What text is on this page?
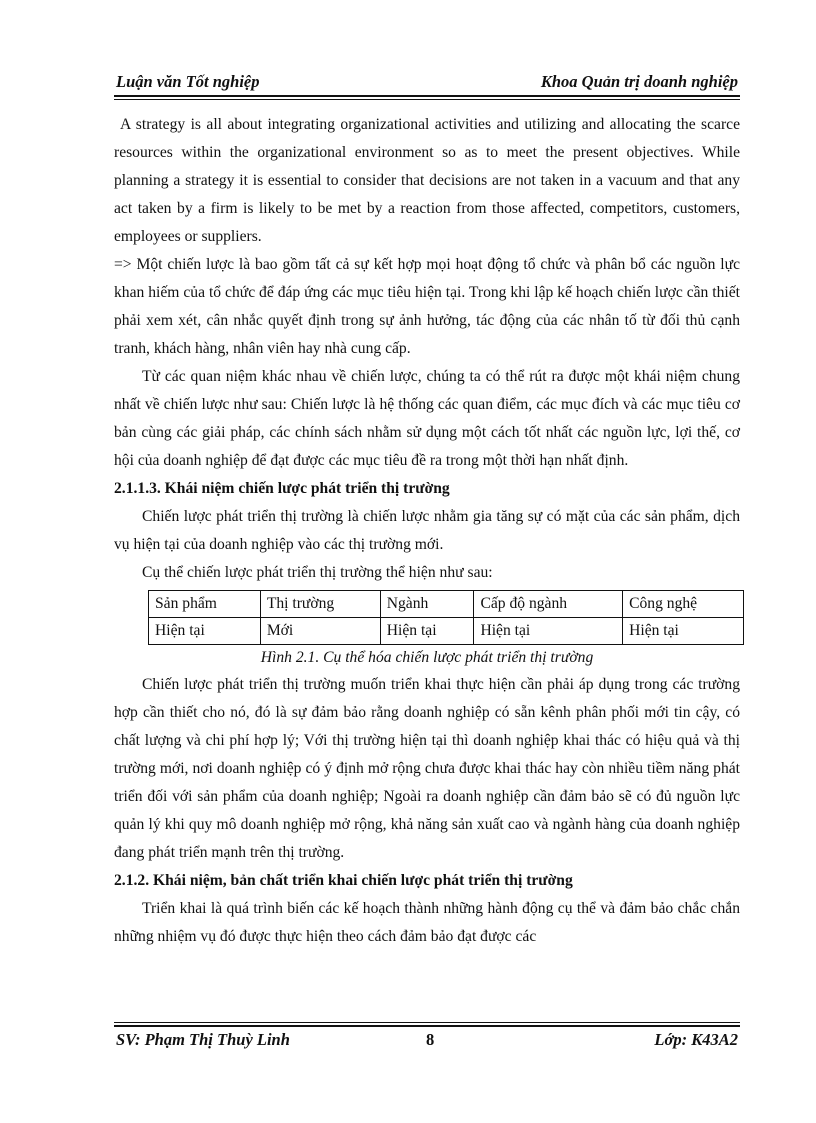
Luận văn Tốt nghiệp	Khoa Quản trị doanh nghiệp

A strategy is all about integrating organizational activities and utilizing and allocating the scarce resources within the organizational environment so as to meet the present objectives. While planning a strategy it is essential to consider that decisions are not taken in a vacuum and that any act taken by a firm is likely to be met by a reaction from those affected, competitors, customers, employees or suppliers.

=> Một chiến lược là bao gồm tất cả sự kết hợp mọi hoạt động tổ chức và phân bổ các nguồn lực khan hiếm của tổ chức để đáp ứng các mục tiêu hiện tại. Trong khi lập kế hoạch chiến lược cần thiết phải xem xét, cân nhắc quyết định trong sự ảnh hưởng, tác động của các nhân tố từ đối thủ cạnh tranh, khách hàng, nhân viên hay nhà cung cấp.

Từ các quan niệm khác nhau về chiến lược, chúng ta có thể rút ra được một khái niệm chung nhất về chiến lược như sau: Chiến lược là hệ thống các quan điểm, các mục đích và các mục tiêu cơ bản cùng các giải pháp, các chính sách nhằm sử dụng một cách tốt nhất các nguồn lực, lợi thế, cơ hội của doanh nghiệp để đạt được các mục tiêu đề ra trong một thời hạn nhất định.

2.1.1.3. Khái niệm chiến lược phát triển thị trường

Chiến lược phát triển thị trường là chiến lược nhằm gia tăng sự có mặt của các sản phẩm, dịch vụ hiện tại của doanh nghiệp vào các thị trường mới.

Cụ thể chiến lược phát triển thị trường thể hiện như sau:

Sản phẩm	Thị trường	Ngành	Cấp độ ngành	Công nghệ
Hiện tại	Mới	Hiện tại	Hiện tại	Hiện tại

Hình 2.1. Cụ thể hóa chiến lược phát triển thị trường

Chiến lược phát triển thị trường muốn triển khai thực hiện cần phải áp dụng trong các trường hợp cần thiết cho nó, đó là sự đảm bảo rằng doanh nghiệp có sẵn kênh phân phối mới tin cậy, có chất lượng và chi phí hợp lý; Với thị trường hiện tại thì doanh nghiệp khai thác có hiệu quả và thị trường mới, nơi doanh nghiệp có ý định mở rộng chưa được khai thác hay còn nhiều tiềm năng phát triển đối với sản phẩm của doanh nghiệp; Ngoài ra doanh nghiệp cần đảm bảo sẽ có đủ nguồn lực quản lý khi quy mô doanh nghiệp mở rộng, khả năng sản xuất cao và ngành hàng của doanh nghiệp đang phát triển mạnh trên thị trường.

2.1.2. Khái niệm, bản chất triển khai chiến lược phát triển thị trường

Triển khai là quá trình biến các kế hoạch thành những hành động cụ thể và đảm bảo chắc chắn những nhiệm vụ đó được thực hiện theo cách đảm bảo đạt được các

SV: Phạm Thị Thuỳ Linh	8	Lớp: K43A2
